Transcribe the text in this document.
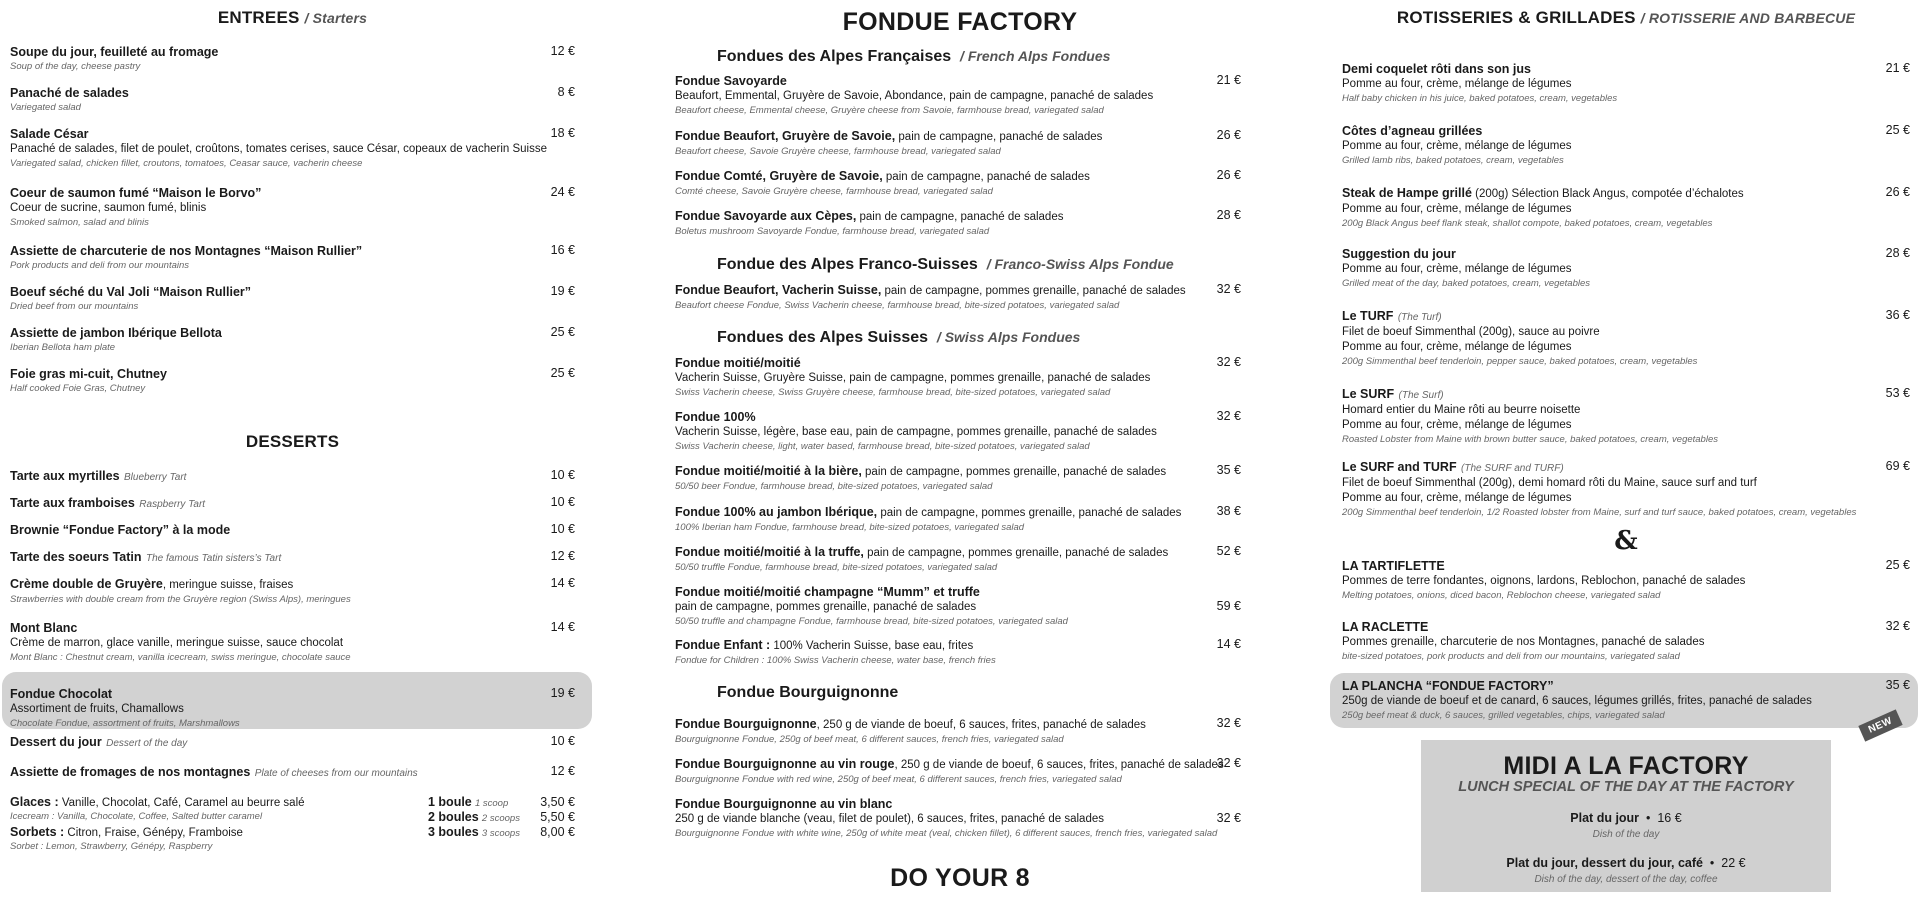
ENTREES / Starters
Soupe du jour, feuilleté au fromage
Soup of the day, cheese pastry
12 €
Panaché de salades
Variegated salad
8 €
Salade César
Panaché de salades, filet de poulet, croûtons, tomates cerises, sauce César, copeaux de vacherin Suisse
Variegated salad, chicken fillet, croutons, tomatoes, Ceasar sauce, vacherin cheese
18 €
Coeur de saumon fumé “Maison le Borvo”
Coeur de sucrine, saumon fumé, blinis
Smoked salmon, salad and blinis
24 €
Assiette de charcuterie de nos Montagnes “Maison Rullier”
Pork products and deli from our mountains
16 €
Boeuf séché du Val Joli “Maison Rullier”
Dried beef from our mountains
19 €
Assiette de jambon Ibérique Bellota
Iberian Bellota ham plate
25 €
Foie gras mi-cuit, Chutney
Half cooked Foie Gras, Chutney
25 €
DESSERTS
Tarte aux myrtilles Blueberry Tart	10 €
Tarte aux framboises Raspberry Tart	10 €
Brownie “Fondue Factory” à la mode	10 €
Tarte des soeurs Tatin The famous Tatin sisters’s Tart	12 €
Crème double de Gruyère, meringue suisse, fraises
Strawberries with double cream from the Gruyère region (Swiss Alps), meringues
14 €
Mont Blanc
Crème de marron, glace vanille, meringue suisse, sauce chocolat
Mont Blanc : Chestnut cream, vanilla icecream, swiss meringue, chocolate sauce
14 €
Fondue Chocolat
Assortiment de fruits, Chamallows
Chocolate Fondue, assortment of fruits, Marshmallows
19 €
Dessert du jour Dessert of the day	10 €
Assiette de fromages de nos montagnes Plate of cheeses from our mountains	12 €
Glaces : Vanille, Chocolat, Café, Caramel au beurre salé	1 boule 1 scoop	3,50 €
Icecream : Vanilla, Chocolate, Coffee, Salted butter caramel	2 boules 2 scoops 5,50 €
Sorbets : Citron, Fraise, Génépy, Framboise	3 boules 3 scoops 8,00 €
Sorbet : Lemon, Strawberry, Génépy, Raspberry
FONDUE FACTORY
Fondues des Alpes Françaises / French Alps Fondues
Fondue Savoyarde
Beaufort, Emmental, Gruyère de Savoie, Abondance, pain de campagne, panaché de salades
Beaufort cheese, Emmental cheese, Gruyère cheese from Savoie, farmhouse bread, variegated salad
21 €
Fondue Beaufort, Gruyère de Savoie, pain de campagne, panaché de salades
Beaufort cheese, Savoie Gruyère cheese, farmhouse bread, variegated salad
26 €
Fondue Comté, Gruyère de Savoie, pain de campagne, panaché de salades
Comté cheese, Savoie Gruyère cheese, farmhouse bread, variegated salad
26 €
Fondue Savoyarde aux Cèpes, pain de campagne, panaché de salades
Boletus mushroom Savoyarde Fondue, farmhouse bread, variegated salad
28 €
Fondue des Alpes Franco-Suisses / Franco-Swiss Alps Fondue
Fondue Beaufort, Vacherin Suisse, pain de campagne, pommes grenaille, panaché de salades
Beaufort cheese Fondue, Swiss Vacherin cheese, farmhouse bread, bite-sized potatoes, variegated salad
32 €
Fondues des Alpes Suisses / Swiss Alps Fondues
Fondue moitié/moitié
Vacherin Suisse, Gruyère Suisse, pain de campagne, pommes grenaille, panaché de salades
Swiss Vacherin cheese, Swiss Gruyère cheese, farmhouse bread, bite-sized potatoes, variegated salad
32 €
Fondue 100%
Vacherin Suisse, légère, base eau, pain de campagne, pommes grenaille, panaché de salades
Swiss Vacherin cheese, light, water based, farmhouse bread, bite-sized potatoes, variegated salad
32 €
Fondue moitié/moitié à la bière, pain de campagne, pommes grenaille, panaché de salades
50/50 beer Fondue, farmhouse bread, bite-sized potatoes, variegated salad
35 €
Fondue 100% au jambon Ibérique, pain de campagne, pommes grenaille, panaché de salades
100% Iberian ham Fondue, farmhouse bread, bite-sized potatoes, variegated salad
38 €
Fondue moitié/moitié à la truffe, pain de campagne, pommes grenaille, panaché de salades
50/50 truffle Fondue, farmhouse bread, bite-sized potatoes, variegated salad
52 €
Fondue moitié/moitié champagne “Mumm” et truffe
pain de campagne, pommes grenaille, panaché de salades
50/50 truffle and champagne Fondue, farmhouse bread, bite-sized potatoes, variegated salad
59 €
Fondue Enfant : 100% Vacherin Suisse, base eau, frites
Fondue for Children : 100% Swiss Vacherin cheese, water base, french fries
14 €
Fondue Bourguignonne
Fondue Bourguignonne, 250 g de viande de boeuf, 6 sauces, frites, panaché de salades
Bourguignonne Fondue, 250g of beef meat, 6 different sauces, french fries, variegated salad
32 €
Fondue Bourguignonne au vin rouge, 250 g de viande de boeuf, 6 sauces, frites, panaché de salades
Bourguignonne Fondue with red wine, 250g of beef meat, 6 different sauces, french fries, variegated salad
32 €
Fondue Bourguignonne au vin blanc
250 g de viande blanche (veau, filet de poulet), 6 sauces, frites, panaché de salades
Bourguignonne Fondue with white wine, 250g of white meat (veal, chicken fillet), 6 different sauces, french fries, variegated salad
32 €
DO YOUR 8
ROTISSERIES & GRILLADES / ROTISSERIE AND BARBECUE
Demi coquelet rôti dans son jus
Pomme au four, crème, mélange de légumes
Half baby chicken in his juice, baked potatoes, cream, vegetables
21 €
Côtes d’agneau grillées
Pomme au four, crème, mélange de légumes
Grilled lamb ribs, baked potatoes, cream, vegetables
25 €
Steak de Hampe grillé (200g) Sélection Black Angus, compotée d’échalotes
Pomme au four, crème, mélange de légumes
200g Black Angus beef flank steak, shallot compote, baked potatoes, cream, vegetables
26 €
Suggestion du jour
Pomme au four, crème, mélange de légumes
Grilled meat of the day, baked potatoes, cream, vegetables
28 €
Le TURF (The Turf)
Filet de boeuf Simmenthal (200g), sauce au poivre
Pomme au four, crème, mélange de légumes
200g Simmenthal beef tenderloin, pepper sauce, baked potatoes, cream, vegetables
36 €
Le SURF (The Surf)
Homard entier du Maine rôti au beurre noisette
Pomme au four, crème, mélange de légumes
Roasted Lobster from Maine with brown butter sauce, baked potatoes, cream, vegetables
53 €
Le SURF and TURF (The SURF and TURF)
Filet de boeuf Simmenthal (200g), demi homard rôti du Maine, sauce surf and turf
Pomme au four, crème, mélange de légumes
200g Simmenthal beef tenderloin, 1/2 Roasted lobster from Maine, surf and turf sauce, baked potatoes, cream, vegetables
69 €
&
LA TARTIFLETTE
Pommes de terre fondantes, oignons, lardons, Reblochon, panaché de salades
Melting potatoes, onions, diced bacon, Reblochon cheese, variegated salad
25 €
LA RACLETTE
Pommes grenaille, charcuterie de nos Montagnes, panaché de salades
bite-sized potatoes, pork products and deli from our mountains, variegated salad
32 €
LA PLANCHA “FONDUE FACTORY”
250g de viande de boeuf et de canard, 6 sauces, légumes grillés, frites, panaché de salades
250g beef meat & duck, 6 sauces, grilled vegetables, chips, variegated salad
35 €
NEW
MIDI A LA FACTORY
LUNCH SPECIAL OF THE DAY AT THE FACTORY
Plat du jour • 16 €
Dish of the day
Plat du jour, dessert du jour, café • 22 €
Dish of the day, dessert of the day, coffee
